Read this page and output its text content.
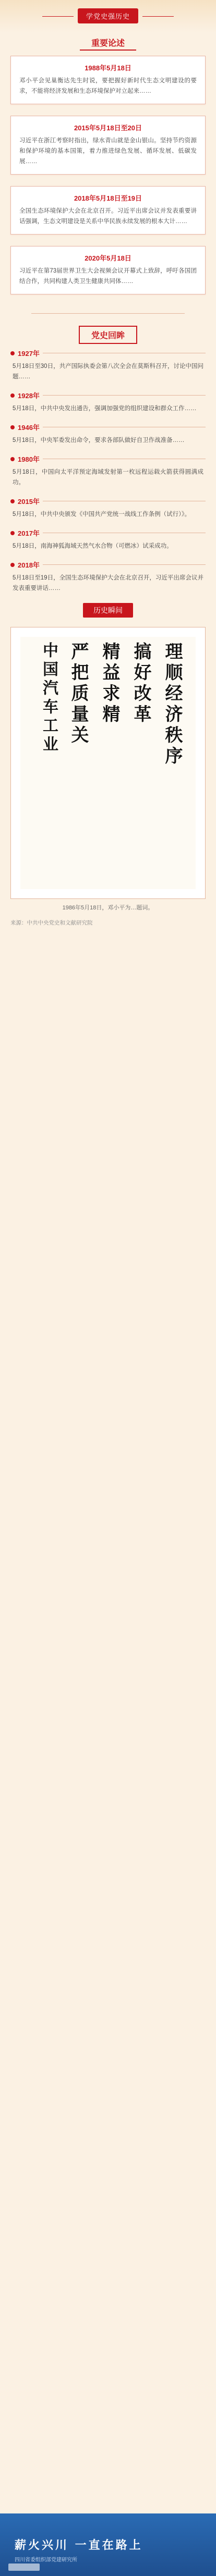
学党史强历史
重要论述
1988年5月18日
邓小平会见巢衡达先生时说，要把握好新时代生态文明建设的要求，不能将经济发展和生态环境保护对立起来……
2015年5月18日至20日
习近平在浙江考察时指出，绿水青山就是金山银山。坚持节约资源和保护环境的基本国策，着力推进绿色发展、循环发展、低碳发展……
2018年5月18日至19日
全国生态环境保护大会在北京召开。习近平出席会议并发表重要讲话强调，生态文明建设是关系中华民族永续发展的根本大计……
2020年5月18日
习近平在第73届世界卫生大会视频会议开幕式上致辞，呼吁各国团结合作，共同构建人类卫生健康共同体……
党史回眸
1927年
5月18日至30日，共产国际执委会第八次全会在莫斯科召开，讨论中国问题……
1928年
5月18日，中共中央发出通告，强调加强党的组织建设和群众工作……
1946年
5月18日，中央军委发出命令，要求各部队做好自卫作战准备……
1980年
5月18日，中国向太平洋预定海域发射第一枚远程运载火箭获得圆满成功。
2015年
5月18日，中共中央颁发《中国共产党统一战线工作条例（试行）》。
2017年
5月18日，南海神狐海域天然气水合物（可燃冰）试采成功。
2018年
5月18日至19日，全国生态环境保护大会在北京召开，习近平出席会议并发表重要讲话……
历史瞬间
理顺经济秩序
搞好改革
精益求精
严把质量关
中国汽车工业
1986年5月18日，邓小平为…题词。
来源：中共中央党史和文献研究院
薪火兴川 一直在路上
四川省委组织部党建研究所
